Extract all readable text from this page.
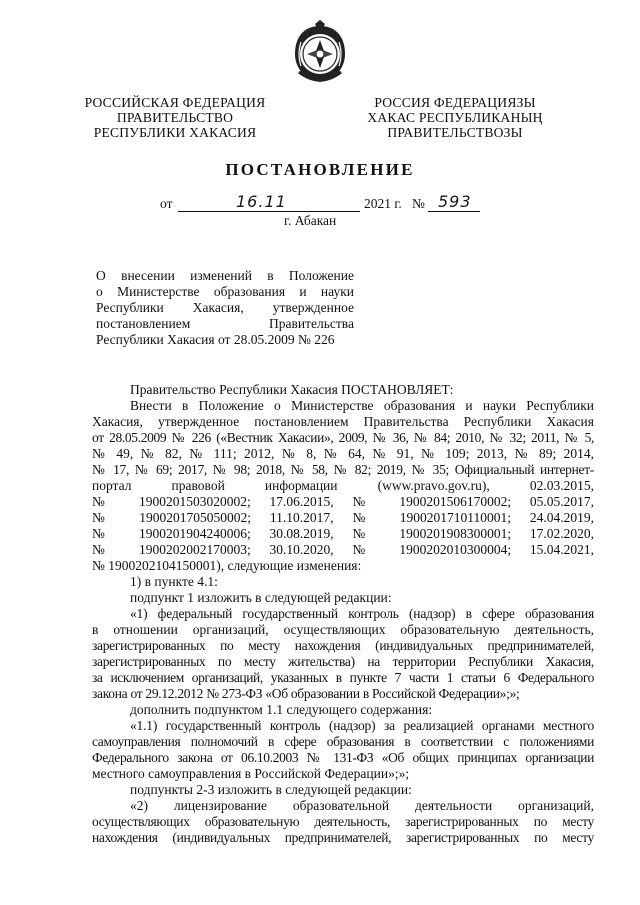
РОССИЙСКАЯ ФЕДЕРАЦИЯ
ПРАВИТЕЛЬСТВО
РЕСПУБЛИКИ ХАКАСИЯ
РОССИЯ ФЕДЕРАЦИЯЗЫ
ХАКАС РЕСПУБЛИКАНЫҢ
ПРАВИТЕЛЬСТВОЗЫ
ПОСТАНОВЛЕНИЕ
от	16.11	2021 г. № 593
г. Абакан
О внесении изменений в Положение
о Министерстве образования и науки
Республики Хакасия, утвержденное
постановлением Правительства
Республики Хакасия от 28.05.2009 № 226
Правительство Республики Хакасия ПОСТАНОВЛЯЕТ:
Внести в Положение о Министерстве образования и науки Республики
Хакасия, утвержденное постановлением Правительства Республики Хакасия
от 28.05.2009 № 226 («Вестник Хакасии», 2009, № 36, № 84; 2010, № 32; 2011, № 5,
№ 49, № 82, № 111; 2012, № 8, № 64, № 91, № 109; 2013, № 89; 2014,
№ 17, № 69; 2017, № 98; 2018, № 58, № 82; 2019, № 35; Официальный интернет-
портал правовой информации (www.pravo.gov.ru), 02.03.2015,
№ 1900201503020002; 17.06.2015, № 1900201506170002; 05.05.2017,
№ 1900201705050002; 11.10.2017, № 1900201710110001; 24.04.2019,
№ 1900201904240006; 30.08.2019, № 1900201908300001; 17.02.2020,
№ 1900202002170003; 30.10.2020, № 1900202010300004; 15.04.2021,
№ 1900202104150001), следующие изменения:
1) в пункте 4.1:
подпункт 1 изложить в следующей редакции:
«1) федеральный государственный контроль (надзор) в сфере образования
в отношении организаций, осуществляющих образовательную деятельность,
зарегистрированных по месту нахождения (индивидуальных предпринимателей,
зарегистрированных по месту жительства) на территории Республики Хакасия,
за исключением организаций, указанных в пункте 7 части 1 статьи 6 Федерального
закона от 29.12.2012 № 273-ФЗ «Об образовании в Российской Федерации»;»;
дополнить подпунктом 1.1 следующего содержания:
«1.1) государственный контроль (надзор) за реализацией органами местного
самоуправления полномочий в сфере образования в соответствии с положениями
Федерального закона от 06.10.2003 № 131-ФЗ «Об общих принципах организации
местного самоуправления в Российской Федерации»;»;
подпункты 2-3 изложить в следующей редакции:
«2) лицензирование образовательной деятельности организаций,
осуществляющих образовательную деятельность, зарегистрированных по месту
нахождения (индивидуальных предпринимателей, зарегистрированных по месту
